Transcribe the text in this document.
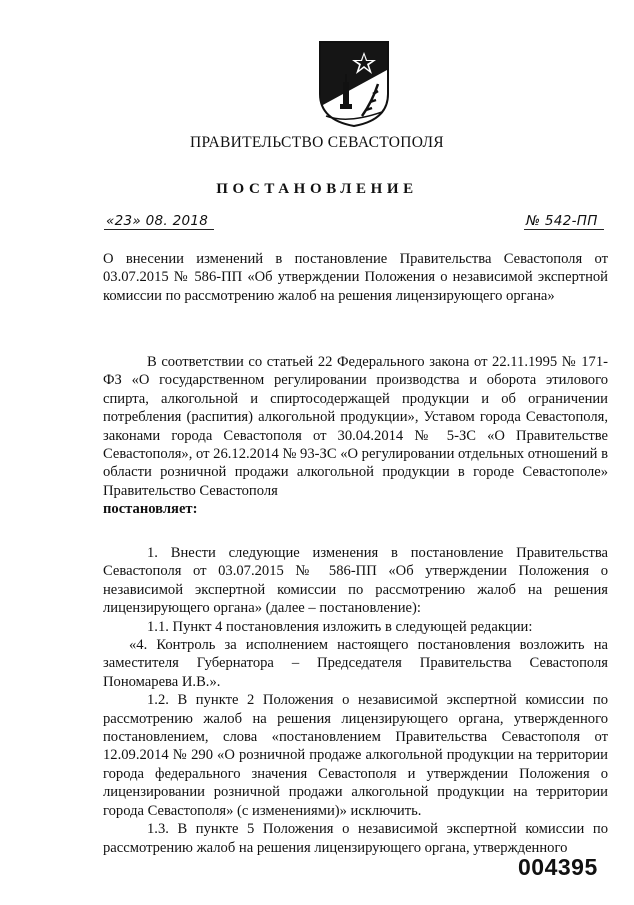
ПРАВИТЕЛЬСТВО СЕВАСТОПОЛЯ
ПОСТАНОВЛЕНИЕ
«23» 08. 2018	№ 542-ПП
О внесении изменений в постановление Правительства Севастополя от 03.07.2015 № 586-ПП «Об утверждении Положения о независимой экспертной комиссии по рассмотрению жалоб на решения лицензирующего органа»

В соответствии со статьей 22 Федерального закона от 22.11.1995 № 171-ФЗ «О государственном регулировании производства и оборота этилового спирта, алкогольной и спиртосодержащей продукции и об ограничении потребления (распития) алкогольной продукции», Уставом города Севастополя, законами города Севастополя от 30.04.2014 № 5-ЗС «О Правительстве Севастополя», от 26.12.2014 № 93-ЗС «О регулировании отдельных отношений в области розничной продажи алкогольной продукции в городе Севастополе» Правительство Севастополя
постановляет:

1. Внести следующие изменения в постановление Правительства Севастополя от 03.07.2015 № 586-ПП «Об утверждении Положения о независимой экспертной комиссии по рассмотрению жалоб на решения лицензирующего органа» (далее – постановление):

1.1. Пункт 4 постановления изложить в следующей редакции:

«4. Контроль за исполнением настоящего постановления возложить на заместителя Губернатора – Председателя Правительства Севастополя Пономарева И.В.».

1.2. В пункте 2 Положения о независимой экспертной комиссии по рассмотрению жалоб на решения лицензирующего органа, утвержденного постановлением, слова «постановлением Правительства Севастополя от 12.09.2014 № 290 «О розничной продаже алкогольной продукции на территории города федерального значения Севастополя и утверждении Положения о лицензировании розничной продажи алкогольной продукции на территории города Севастополя» (с изменениями)» исключить.

1.3. В пункте 5 Положения о независимой экспертной комиссии по рассмотрению жалоб на решения лицензирующего органа, утвержденного

004395
